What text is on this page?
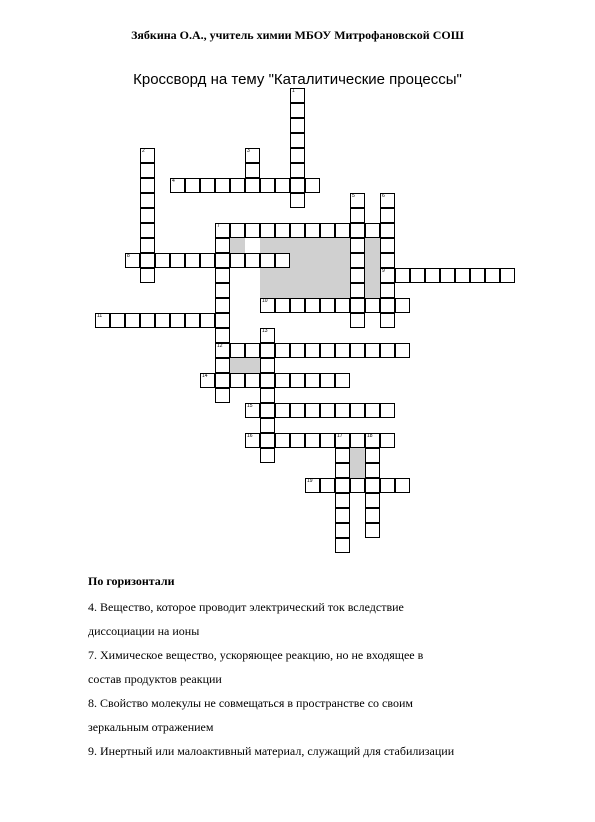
Зябкина О.А., учитель химии МБОУ Митрофановской СОШ
Кроссворд на тему "Каталитические процессы"
1
2	3
5	6
9
7
12
13
17	18
4
8
10
11
14
15
16
19
По горизонтали
4. Вещество, которое проводит электрический ток вследствие
диссоциации на ионы
7. Химическое вещество, ускоряющее реакцию, но не входящее в
состав продуктов реакции
8. Свойство молекулы не совмещаться в пространстве со своим
зеркальным отражением
9. Инертный или малоактивный материал, служащий для стабилизации
